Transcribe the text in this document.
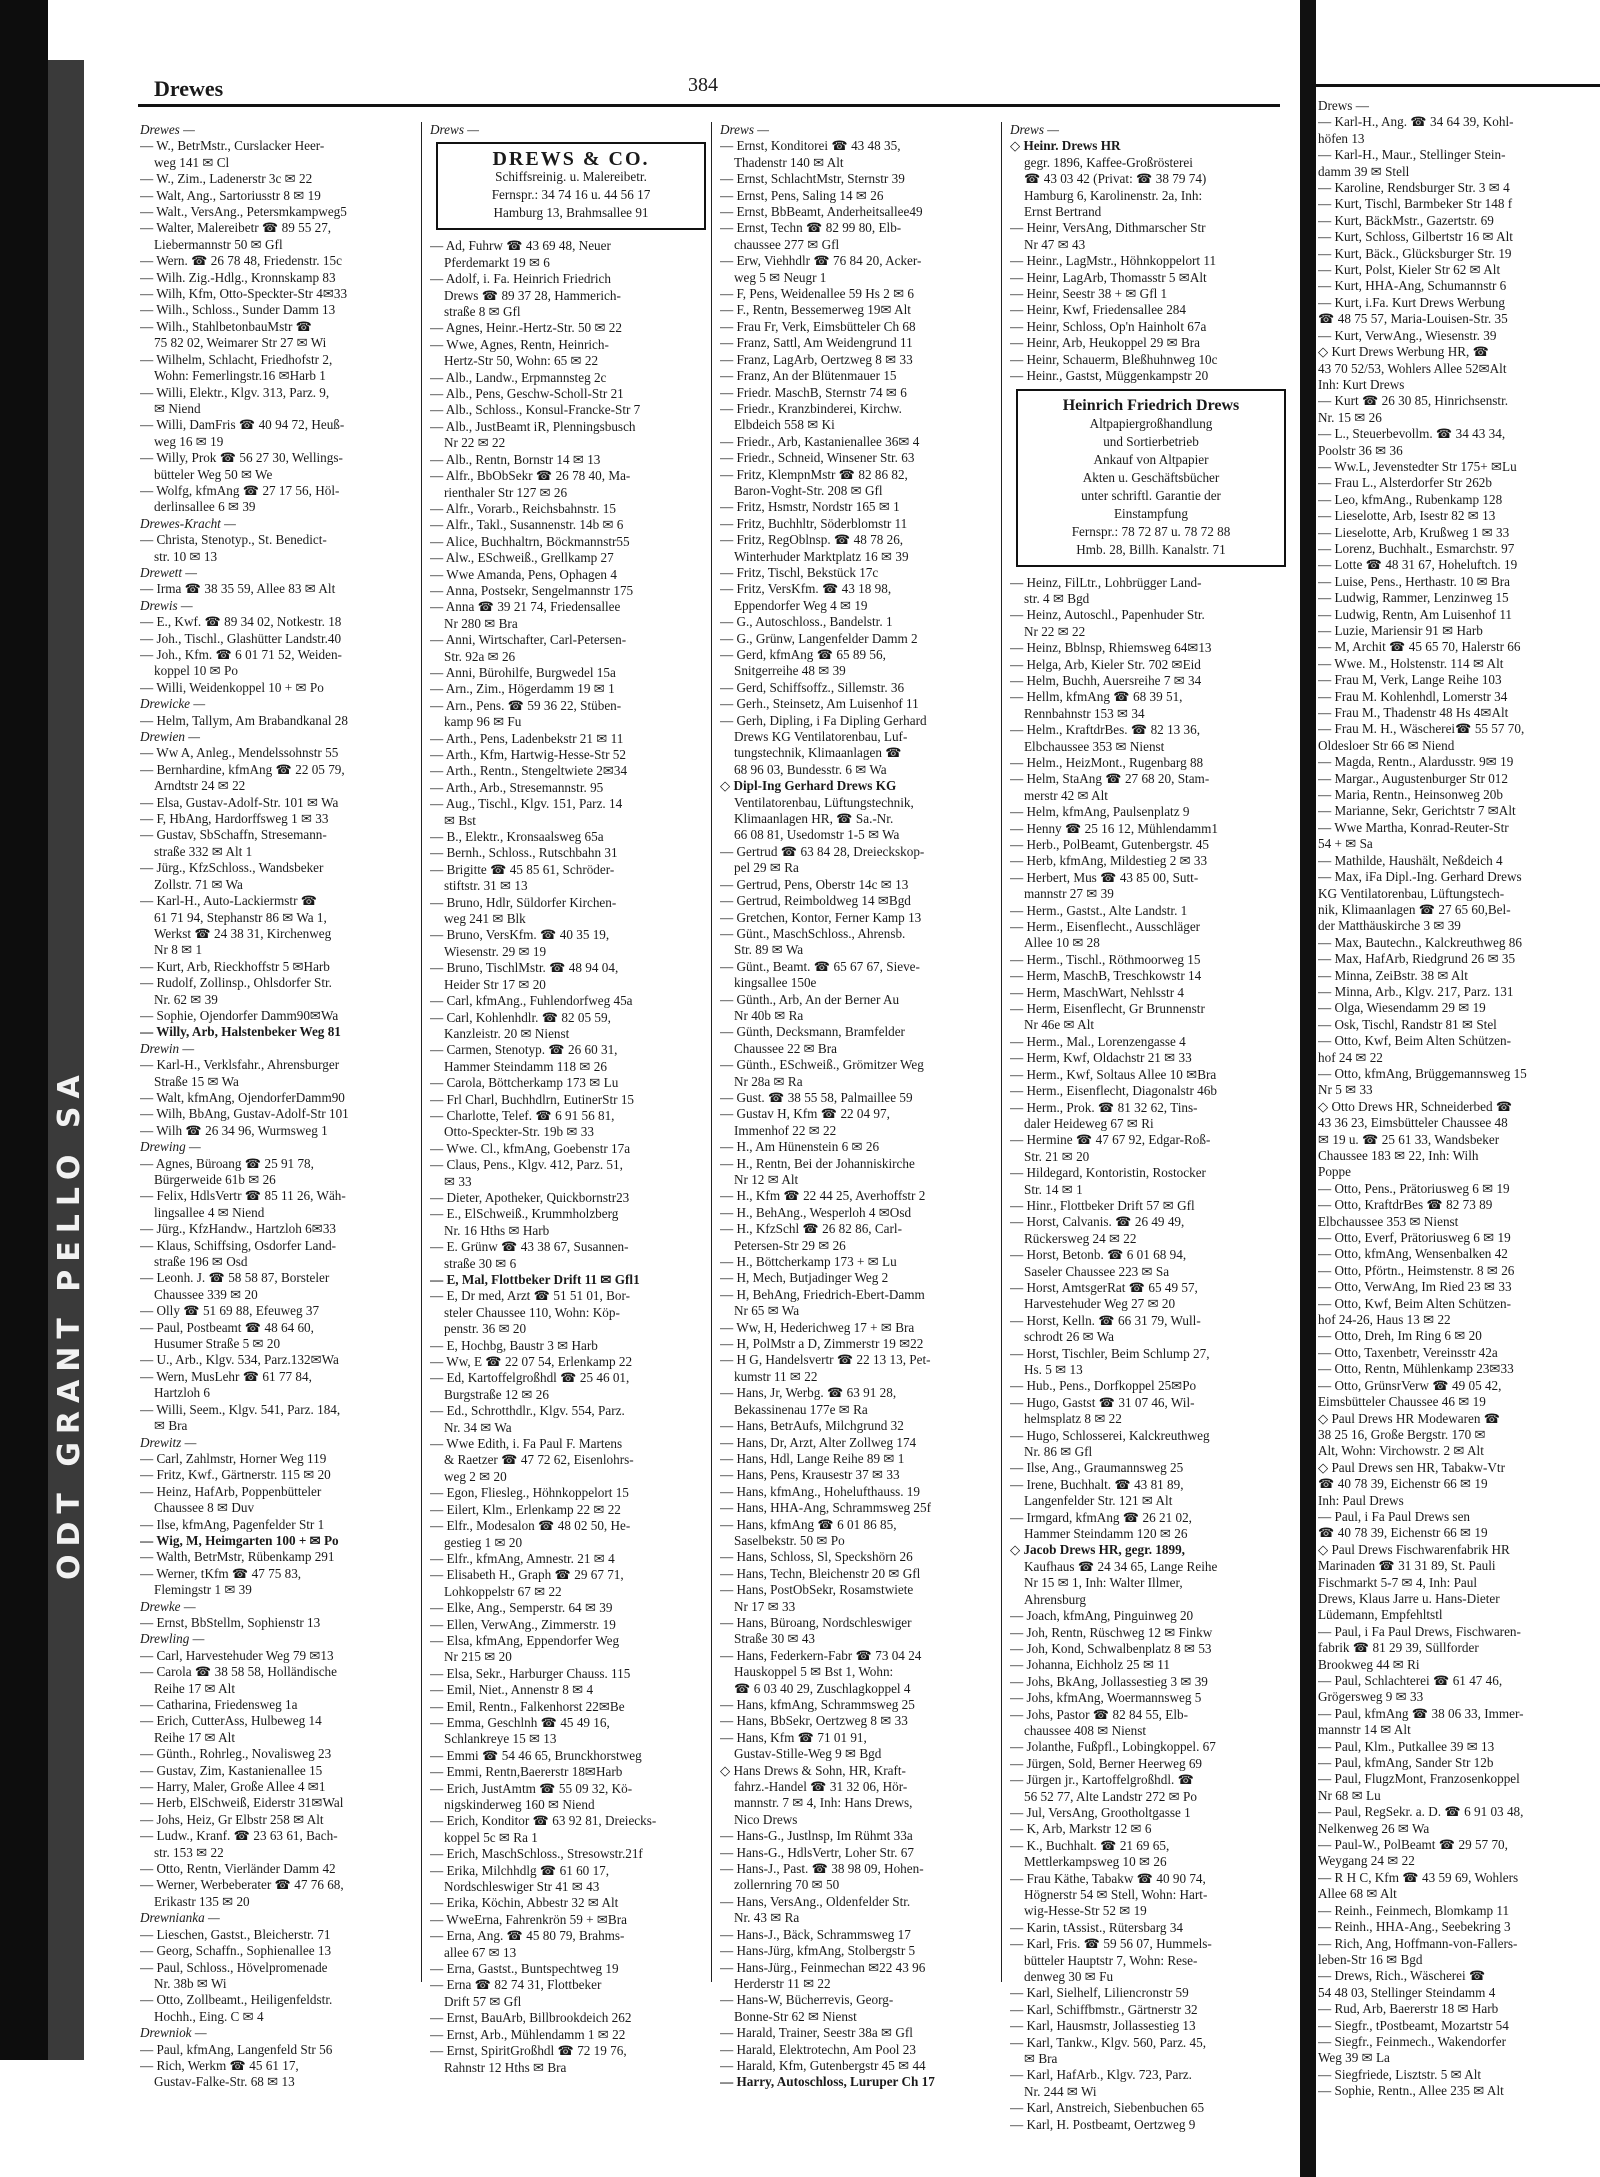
ODT GRANT PELLO SA
Drewes	384
Drewes —
— W., BetrMstr., Curslacker Heer-
weg 141 ✉ Cl
— W., Zim., Ladenerstr 3c ✉ 22
— Walt, Ang., Sartoriusstr 8 ✉ 19
— Walt., VersAng., Petersmkampweg5
— Walter, Malereibetr ☎ 89 55 27,
Liebermannstr 50 ✉ Gfl
— Wern. ☎ 26 78 48, Friedenstr. 15c
— Wilh. Zig.-Hdlg., Kronnskamp 83
— Wilh, Kfm, Otto-Speckter-Str 4✉33
— Wilh., Schloss., Sunder Damm 13
— Wilh., StahlbetonbauMstr ☎
75 82 02, Weimarer Str 27 ✉ Wi
— Wilhelm, Schlacht, Friedhofstr 2,
Wohn: Femerlingstr.16 ✉Harb 1
— Willi, Elektr., Klgv. 313, Parz. 9,
✉ Niend
— Willi, DamFris ☎ 40 94 72, Heuß-
weg 16 ✉ 19
— Willy, Prok ☎ 56 27 30, Wellings-
bütteler Weg 50 ✉ We
— Wolfg, kfmAng ☎ 27 17 56, Höl-
derlinsallee 6 ✉ 39
Drewes-Kracht —
— Christa, Stenotyp., St. Benedict-
str. 10 ✉ 13
Drewett —
— Irma ☎ 38 35 59, Allee 83 ✉ Alt
Drewis —
— E., Kwf. ☎ 89 34 02, Notkestr. 18
— Joh., Tischl., Glashütter Landstr.40
— Joh., Kfm. ☎ 6 01 71 52, Weiden-
koppel 10 ✉ Po
— Willi, Weidenkoppel 10 + ✉ Po
Drewicke —
— Helm, Tallym, Am Brabandkanal 28
Drewien —
— Ww A, Anleg., Mendelssohnstr 55
— Bernhardine, kfmAng ☎ 22 05 79,
Arndtstr 24 ✉ 22
— Elsa, Gustav-Adolf-Str. 101 ✉ Wa
— F, HbAng, Hardorffsweg 1 ✉ 33
— Gustav, SbSchaffn, Stresemann-
straße 332 ✉ Alt 1
— Jürg., KfzSchloss., Wandsbeker
Zollstr. 71 ✉ Wa
— Karl-H., Auto-Lackiermstr ☎
61 71 94, Stephanstr 86 ✉ Wa 1,
Werkst ☎ 24 38 31, Kirchenweg
Nr 8 ✉ 1
— Kurt, Arb, Rieckhoffstr 5 ✉Harb
— Rudolf, Zollinsp., Ohlsdorfer Str.
Nr. 62 ✉ 39
— Sophie, Ojendorfer Damm90✉Wa
— Willy, Arb, Halstenbeker Weg 81
Drewin —
— Karl-H., Verklsfahr., Ahrensburger
Straße 15 ✉ Wa
— Walt, kfmAng, OjendorferDamm90
— Wilh, BbAng, Gustav-Adolf-Str 101
— Wilh ☎ 26 34 96, Wurmsweg 1
Drewing —
— Agnes, Büroang ☎ 25 91 78,
Bürgerweide 61b ✉ 26
— Felix, HdlsVertr ☎ 85 11 26, Wäh-
lingsallee 4 ✉ Niend
— Jürg., KfzHandw., Hartzloh 6✉33
— Klaus, Schiffsing, Osdorfer Land-
straße 196 ✉ Osd
— Leonh. J. ☎ 58 58 87, Borsteler
Chaussee 339 ✉ 20
— Olly ☎ 51 69 88, Efeuweg 37
— Paul, Postbeamt ☎ 48 64 60,
Husumer Straße 5 ✉ 20
— U., Arb., Klgv. 534, Parz.132✉Wa
— Wern, MusLehr ☎ 61 77 84,
Hartzloh 6
— Willi, Seem., Klgv. 541, Parz. 184,
✉ Bra
Drewitz —
— Carl, Zahlmstr, Horner Weg 119
— Fritz, Kwf., Gärtnerstr. 115 ✉ 20
— Heinz, HafArb, Poppenbütteler
Chaussee 8 ✉ Duv
— Ilse, kfmAng, Pagenfelder Str 1
— Wig, M, Heimgarten 100 + ✉ Po
— Walth, BetrMstr, Rübenkamp 291
— Werner, tKfm ☎ 47 75 83,
Flemingstr 1 ✉ 39
Drewke —
— Ernst, BbStellm, Sophienstr 13
Drewling —
— Carl, Harvestehuder Weg 79 ✉13
— Carola ☎ 38 58 58, Holländische
Reihe 17 ✉ Alt
— Catharina, Friedensweg 1a
— Erich, CutterAss, Hulbeweg 14
Reihe 17 ✉ Alt
— Günth., Rohrleg., Novalisweg 23
— Gustav, Zim, Kastanienallee 15
— Harry, Maler, Große Allee 4 ✉1
— Herb, ElSchweiß, Eiderstr 31✉Wal
— Johs, Heiz, Gr Elbstr 258 ✉ Alt
— Ludw., Kranf. ☎ 23 63 61, Bach-
str. 153 ✉ 22
— Otto, Rentn, Vierländer Damm 42
— Werner, Werbeberater ☎ 47 76 68,
Erikastr 135 ✉ 20
Drewnianka —
— Lieschen, Gastst., Bleicherstr. 71
— Georg, Schaffn., Sophienallee 13
— Paul, Schloss., Hövelpromenade
Nr. 38b ✉ Wi
— Otto, Zollbeamt., Heiligenfeldstr.
Hochh., Eing. C ✉ 4
Drewniok —
— Paul, kfmAng, Langenfeld Str 56
— Rich, Werkm ☎ 45 61 17,
Gustav-Falke-Str. 68 ✉ 13
Drews —
DREWS & CO.
Schiffsreinig. u. Malereibetr.
Fernspr.: 34 74 16 u. 44 56 17
Hamburg 13, Brahmsallee 91
— Ad, Fuhrw ☎ 43 69 48, Neuer
Pferdemarkt 19 ✉ 6
— Adolf, i. Fa. Heinrich Friedrich
Drews ☎ 89 37 28, Hammerich-
straße 8 ✉ Gfl
— Agnes, Heinr.-Hertz-Str. 50 ✉ 22
— Wwe, Agnes, Rentn, Heinrich-
Hertz-Str 50, Wohn: 65 ✉ 22
— Alb., Landw., Erpmannsteg 2c
— Alb., Pens, Geschw-Scholl-Str 21
— Alb., Schloss., Konsul-Francke-Str 7
— Alb., JustBeamt iR, Plenningsbusch
Nr 22 ✉ 22
— Alb., Rentn, Bornstr 14 ✉ 13
— Alfr., BbObSekr ☎ 26 78 40, Ma-
rienthaler Str 127 ✉ 26
— Alfr., Vorarb., Reichsbahnstr. 15
— Alfr., Takl., Susannenstr. 14b ✉ 6
— Alice, Buchhaltrn, Böckmannstr55
— Alw., ESchweiß., Grellkamp 27
— Wwe Amanda, Pens, Ophagen 4
— Anna, Postsekr, Sengelmannstr 175
— Anna ☎ 39 21 74, Friedensallee
Nr 280 ✉ Bra
— Anni, Wirtschafter, Carl-Petersen-
Str. 92a ✉ 26
— Anni, Bürohilfe, Burgwedel 15a
— Arn., Zim., Högerdamm 19 ✉ 1
— Arn., Pens. ☎ 59 36 22, Stüben-
kamp 96 ✉ Fu
— Arth., Pens, Ladenbekstr 21 ✉ 11
— Arth., Kfm, Hartwig-Hesse-Str 52
— Arth., Rentn., Stengeltwiete 2✉34
— Arth., Arb., Stresemannstr. 95
— Aug., Tischl., Klgv. 151, Parz. 14
✉ Bst
— B., Elektr., Kronsaalsweg 65a
— Bernh., Schloss., Rutschbahn 31
— Brigitte ☎ 45 85 61, Schröder-
stiftstr. 31 ✉ 13
— Bruno, Hdlr, Süldorfer Kirchen-
weg 241 ✉ Blk
— Bruno, VersKfm. ☎ 40 35 19,
Wiesenstr. 29 ✉ 19
— Bruno, TischlMstr. ☎ 48 94 04,
Heider Str 17 ✉ 20
— Carl, kfmAng., Fuhlendorfweg 45a
— Carl, Kohlenhdlr. ☎ 82 05 59,
Kanzleistr. 20 ✉ Nienst
— Carmen, Stenotyp. ☎ 26 60 31,
Hammer Steindamm 118 ✉ 26
— Carola, Böttcherkamp 173 ✉ Lu
— Frl Charl, Buchhdlrn, EutinerStr 15
— Charlotte, Telef. ☎ 6 91 56 81,
Otto-Speckter-Str. 19b ✉ 33
— Wwe. Cl., kfmAng, Goebenstr 17a
— Claus, Pens., Klgv. 412, Parz. 51,
✉ 33
— Dieter, Apotheker, Quickbornstr23
— E., ElSchweiß., Krummholzberg
Nr. 16 Hths ✉ Harb
— E. Grünw ☎ 43 38 67, Susannen-
straße 30 ✉ 6
— E, Mal, Flottbeker Drift 11 ✉ Gfl1
— E, Dr med, Arzt ☎ 51 51 01, Bor-
steler Chaussee 110, Wohn: Köp-
penstr. 36 ✉ 20
— E, Hochbg, Baustr 3 ✉ Harb
— Ww, E ☎ 22 07 54, Erlenkamp 22
— Ed, Kartoffelgroßhdl ☎ 25 46 01,
Burgstraße 12 ✉ 26
— Ed., Schrotthdlr., Klgv. 554, Parz.
Nr. 34 ✉ Wa
— Wwe Edith, i. Fa Paul F. Martens
& Raetzer ☎ 47 72 62, Eisenlohrs-
weg 2 ✉ 20
— Egon, Fliesleg., Höhnkoppelort 15
— Eilert, Klm., Erlenkamp 22 ✉ 22
— Elfr., Modesalon ☎ 48 02 50, He-
gestieg 1 ✉ 20
— Elfr., kfmAng, Amnestr. 21 ✉ 4
— Elisabeth H., Graph ☎ 29 67 71,
Lohkoppelstr 67 ✉ 22
— Elke, Ang., Semperstr. 64 ✉ 39
— Ellen, VerwAng., Zimmerstr. 19
— Elsa, kfmAng, Eppendorfer Weg
Nr 215 ✉ 20
— Elsa, Sekr., Harburger Chauss. 115
— Emil, Niet., Annenstr 8 ✉ 4
— Emil, Rentn., Falkenhorst 22✉Be
— Emma, Geschlnh ☎ 45 49 16,
Schlankreye 15 ✉ 13
— Emmi ☎ 54 46 65, Brunckhorstweg
— Emmi, Rentn,Baererstr 18✉Harb
— Erich, JustAmtm ☎ 55 09 32, Kö-
nigskinderweg 160 ✉ Niend
— Erich, Konditor ☎ 63 92 81, Dreiecks-
koppel 5c ✉ Ra 1
— Erich, MaschSchloss., Stresowstr.21f
— Erika, Milchhdlg ☎ 61 60 17,
Nordschleswiger Str 41 ✉ 43
— Erika, Köchin, Abbestr 32 ✉ Alt
— WweErna, Fahrenkrön 59 + ✉Bra
— Erna, Ang. ☎ 45 80 79, Brahms-
allee 67 ✉ 13
— Erna, Gastst., Buntspechtweg 19
— Erna ☎ 82 74 31, Flottbeker
Drift 57 ✉ Gfl
— Ernst, BauArb, Billbrookdeich 262
— Ernst, Arb., Mühlendamm 1 ✉ 22
— Ernst, SpiritGroßhdl ☎ 72 19 76,
Rahnstr 12 Hths ✉ Bra
Drews —
— Ernst, Konditorei ☎ 43 48 35,
Thadenstr 140 ✉ Alt
— Ernst, SchlachtMstr, Sternstr 39
— Ernst, Pens, Saling 14 ✉ 26
— Ernst, BbBeamt, Anderheitsallee49
— Ernst, Techn ☎ 82 99 80, Elb-
chaussee 277 ✉ Gfl
— Erw, Viehhdlr ☎ 76 84 20, Acker-
weg 5 ✉ Neugr 1
— F, Pens, Weidenallee 59 Hs 2 ✉ 6
— F., Rentn, Bessemerweg 19✉ Alt
— Frau Fr, Verk, Eimsbütteler Ch 68
— Franz, Sattl, Am Weidengrund 11
— Franz, LagArb, Oertzweg 8 ✉ 33
— Franz, An der Blütenmauer 15
— Friedr. MaschB, Sternstr 74 ✉ 6
— Friedr., Kranzbinderei, Kirchw.
Elbdeich 558 ✉ Ki
— Friedr., Arb, Kastanienallee 36✉ 4
— Friedr., Schneid, Winsener Str. 63
— Fritz, KlempnMstr ☎ 82 86 82,
Baron-Voght-Str. 208 ✉ Gfl
— Fritz, Hsmstr, Nordstr 165 ✉ 1
— Fritz, Buchhltr, Söderblomstr 11
— Fritz, RegOblnsp. ☎ 48 78 26,
Winterhuder Marktplatz 16 ✉ 39
— Fritz, Tischl, Bekstück 17c
— Fritz, VersKfm. ☎ 43 18 98,
Eppendorfer Weg 4 ✉ 19
— G., Autoschloss., Bandelstr. 1
— G., Grünw, Langenfelder Damm 2
— Gerd, kfmAng ☎ 65 89 56,
Snitgerreihe 48 ✉ 39
— Gerd, Schiffsoffz., Sillemstr. 36
— Gerh., Steinsetz, Am Luisenhof 11
— Gerh, Dipling, i Fa Dipling Gerhard
Drews KG Ventilatorenbau, Luf-
tungstechnik, Klimaanlagen ☎
68 96 03, Bundesstr. 6 ✉ Wa
◇ Dipl-Ing Gerhard Drews KG
Ventilatorenbau, Lüftungstechnik,
Klimaanlagen HR, ☎ Sa.-Nr.
66 08 81, Usedomstr 1-5 ✉ Wa
— Gertrud ☎ 63 84 28, Dreieckskop-
pel 29 ✉ Ra
— Gertrud, Pens, Oberstr 14c ✉ 13
— Gertrud, Reimboldweg 14 ✉Bgd
— Gretchen, Kontor, Ferner Kamp 13
— Günt., MaschSchloss., Ahrensb.
Str. 89 ✉ Wa
— Günt., Beamt. ☎ 65 67 67, Sieve-
kingsallee 150e
— Günth., Arb, An der Berner Au
Nr 40b ✉ Ra
— Günth, Decksmann, Bramfelder
Chaussee 22 ✉ Bra
— Günth., ESchweiß., Grömitzer Weg
Nr 28a ✉ Ra
— Gust. ☎ 38 55 58, Palmaillee 59
— Gustav H, Kfm ☎ 22 04 97,
Immenhof 22 ✉ 22
— H., Am Hünenstein 6 ✉ 26
— H., Rentn, Bei der Johanniskirche
Nr 12 ✉ Alt
— H., Kfm ☎ 22 44 25, Averhoffstr 2
— H., BehAng., Wesperloh 4 ✉Osd
— H., KfzSchl ☎ 26 82 86, Carl-
Petersen-Str 29 ✉ 26
— H., Böttcherkamp 173 + ✉ Lu
— H, Mech, Butjadinger Weg 2
— H, BehAng, Friedrich-Ebert-Damm
Nr 65 ✉ Wa
— Ww, H, Hederichweg 17 + ✉ Bra
— H, PolMstr a D, Zimmerstr 19 ✉22
— H G, Handelsvertr ☎ 22 13 13, Pet-
kumstr 11 ✉ 22
— Hans, Jr, Werbg. ☎ 63 91 28,
Bekassinenau 177e ✉ Ra
— Hans, BetrAufs, Milchgrund 32
— Hans, Dr, Arzt, Alter Zollweg 174
— Hans, Hdl, Lange Reihe 89 ✉ 1
— Hans, Pens, Krausestr 37 ✉ 33
— Hans, kfmAng., Hohelufthauss. 19
— Hans, HHA-Ang, Schrammsweg 25f
— Hans, kfmAng ☎ 6 01 86 85,
Saselbekstr. 50 ✉ Po
— Hans, Schloss, Sl, Speckshörn 26
— Hans, Techn, Bleichenstr 20 ✉ Gfl
— Hans, PostObSekr, Rosamstwiete
Nr 17 ✉ 33
— Hans, Büroang, Nordschleswiger
Straße 30 ✉ 43
— Hans, Federkern-Fabr ☎ 73 04 24
Hauskoppel 5 ✉ Bst 1, Wohn:
☎ 6 03 40 29, Zuschlagkoppel 4
— Hans, kfmAng, Schrammsweg 25
— Hans, BbSekr, Oertzweg 8 ✉ 33
— Hans, Kfm ☎ 71 01 91,
Gustav-Stille-Weg 9 ✉ Bgd
◇ Hans Drews & Sohn, HR, Kraft-
fahrz.-Handel ☎ 31 32 06, Hör-
mannstr. 7 ✉ 4, Inh: Hans Drews,
Nico Drews
— Hans-G., Justlnsp, Im Rühmt 33a
— Hans-G., HdlsVertr, Loher Str. 67
— Hans-J., Past. ☎ 38 98 09, Hohen-
zollernring 70 ✉ 50
— Hans, VersAng., Oldenfelder Str.
Nr. 43 ✉ Ra
— Hans-J., Bäck, Schrammsweg 17
— Hans-Jürg, kfmAng, Stolbergstr 5
— Hans-Jürg., Feinmechan ✉22 43 96
Herderstr 11 ✉ 22
— Hans-W, Bücherrevis, Georg-
Bonne-Str 62 ✉ Nienst
— Harald, Trainer, Seestr 38a ✉ Gfl
— Harald, Elektrotechn, Am Pool 23
— Harald, Kfm, Gutenbergstr 45 ✉ 44
— Harry, Autoschloss, Luruper Ch 17
Drews —
◇ Heinr. Drews HR
gegr. 1896, Kaffee-Großrösterei
☎ 43 03 42 (Privat: ☎ 38 79 74)
Hamburg 6, Karolinenstr. 2a, Inh:
Ernst Bertrand
— Heinr, VersAng, Dithmarscher Str
Nr 47 ✉ 43
— Heinr., LagMstr., Höhnkoppelort 11
— Heinr, LagArb, Thomasstr 5 ✉Alt
— Heinr, Seestr 38 + ✉ Gfl 1
— Heinr, Kwf, Friedensallee 284
— Heinr, Schloss, Op'n Hainholt 67a
— Heinr, Arb, Heukoppel 29 ✉ Bra
— Heinr, Schauerm, Bleßhuhnweg 10c
— Heinr., Gastst, Müggenkampstr 20
Heinrich Friedrich Drews
Altpapiergroßhandlung
und Sortierbetrieb
Ankauf von Altpapier
Akten u. Geschäftsbücher
unter schriftl. Garantie der
Einstampfung
Fernspr.: 78 72 87 u. 78 72 88
Hmb. 28, Billh. Kanalstr. 71
— Heinz, FilLtr., Lohbrügger Land-
str. 4 ✉ Bgd
— Heinz, Autoschl., Papenhuder Str.
Nr 22 ✉ 22
— Heinz, Bblnsp, Rhiemsweg 64✉13
— Helga, Arb, Kieler Str. 702 ✉Eid
— Helm, Buchh, Auersreihe 7 ✉ 34
— Hellm, kfmAng ☎ 68 39 51,
Rennbahnstr 153 ✉ 34
— Helm., KraftdrBes. ☎ 82 13 36,
Elbchaussee 353 ✉ Nienst
— Helm., HeizMont., Rugenbarg 88
— Helm, StaAng ☎ 27 68 20, Stam-
merstr 42 ✉ Alt
— Helm, kfmAng, Paulsenplatz 9
— Henny ☎ 25 16 12, Mühlendamm1
— Herb., PolBeamt, Gutenbergstr. 45
— Herb, kfmAng, Mildestieg 2 ✉ 33
— Herbert, Mus ☎ 43 85 00, Sutt-
mannstr 27 ✉ 39
— Herm., Gastst., Alte Landstr. 1
— Herm., Eisenflecht., Ausschläger
Allee 10 ✉ 28
— Herm., Tischl., Röthmoorweg 15
— Herm, MaschB, Treschkowstr 14
— Herm, MaschWart, Nehlsstr 4
— Herm, Eisenflecht, Gr Brunnenstr
Nr 46e ✉ Alt
— Herm., Mal., Lorenzengasse 4
— Herm, Kwf, Oldachstr 21 ✉ 33
— Herm., Kwf, Soltaus Allee 10 ✉Bra
— Herm., Eisenflecht, Diagonalstr 46b
— Herm., Prok. ☎ 81 32 62, Tins-
daler Heideweg 67 ✉ Ri
— Hermine ☎ 47 67 92, Edgar-Roß-
Str. 21 ✉ 20
— Hildegard, Kontoristin, Rostocker
Str. 14 ✉ 1
— Hinr., Flottbeker Drift 57 ✉ Gfl
— Horst, Calvanis. ☎ 26 49 49,
Rückersweg 24 ✉ 22
— Horst, Betonb. ☎ 6 01 68 94,
Saseler Chaussee 223 ✉ Sa
— Horst, AmtsgerRat ☎ 65 49 57,
Harvestehuder Weg 27 ✉ 20
— Horst, Kelln. ☎ 66 31 79, Wull-
schrodt 26 ✉ Wa
— Horst, Tischler, Beim Schlump 27,
Hs. 5 ✉ 13
— Hub., Pens., Dorfkoppel 25✉Po
— Hugo, Gastst ☎ 31 07 46, Wil-
helmsplatz 8 ✉ 22
— Hugo, Schlosserei, Kalckreuthweg
Nr. 86 ✉ Gfl
— Ilse, Ang., Graumannsweg 25
— Irene, Buchhalt. ☎ 43 81 89,
Langenfelder Str. 121 ✉ Alt
— Irmgard, kfmAng ☎ 26 21 02,
Hammer Steindamm 120 ✉ 26
◇ Jacob Drews HR, gegr. 1899,
Kaufhaus ☎ 24 34 65, Lange Reihe
Nr 15 ✉ 1, Inh: Walter Illmer,
Ahrensburg
— Joach, kfmAng, Pinguinweg 20
— Joh, Rentn, Rüschweg 12 ✉ Finkw
— Joh, Kond, Schwalbenplatz 8 ✉ 53
— Johanna, Eichholz 25 ✉ 11
— Johs, BkAng, Jollassestieg 3 ✉ 39
— Johs, kfmAng, Woermannsweg 5
— Johs, Pastor ☎ 82 84 55, Elb-
chaussee 408 ✉ Nienst
— Jolanthe, Fußpfl., Lobingkoppel. 67
— Jürgen, Sold, Berner Heerweg 69
— Jürgen jr., Kartoffelgroßhdl. ☎
56 52 77, Alte Landstr 272 ✉ Po
— Jul, VersAng, Grootholtgasse 1
— K, Arb, Markstr 12 ✉ 6
— K., Buchhalt. ☎ 21 69 65,
Mettlerkampsweg 10 ✉ 26
— Frau Käthe, Tabakw ☎ 40 90 74,
Högnerstr 54 ✉ Stell, Wohn: Hart-
wig-Hesse-Str 52 ✉ 19
— Karin, tAssist., Rütersbarg 34
— Karl, Fris. ☎ 59 56 07, Hummels-
bütteler Hauptstr 7, Wohn: Rese-
denweg 30 ✉ Fu
— Karl, Sielhelf, Liliencronstr 59
— Karl, Schiffbmstr., Gärtnerstr 32
— Karl, Hausmstr, Jollassestieg 13
— Karl, Tankw., Klgv. 560, Parz. 45,
✉ Bra
— Karl, HafArb., Klgv. 723, Parz.
Nr. 244 ✉ Wi
— Karl, Anstreich, Siebenbuchen 65
— Karl, H. Postbeamt, Oertzweg 9
Drews —
— Karl-H., Ang. ☎ 34 64 39, Kohl-
höfen 13
— Karl-H., Maur., Stellinger Stein-
damm 39 ✉ Stell
— Karoline, Rendsburger Str. 3 ✉ 4
— Kurt, Tischl, Barmbeker Str 148 f
— Kurt, BäckMstr., Gazertstr. 69
— Kurt, Schloss, Gilbertstr 16 ✉ Alt
— Kurt, Bäck., Glücksburger Str. 19
— Kurt, Polst, Kieler Str 62 ✉ Alt
— Kurt, HHA-Ang, Schumannstr 6
— Kurt, i.Fa. Kurt Drews Werbung
☎ 48 75 57, Maria-Louisen-Str. 35
— Kurt, VerwAng., Wiesenstr. 39
◇ Kurt Drews Werbung HR, ☎
43 70 52/53, Wohlers Allee 52✉Alt
Inh: Kurt Drews
— Kurt ☎ 26 30 85, Hinrichsenstr.
Nr. 15 ✉ 26
— L., Steuerbevollm. ☎ 34 43 34,
Poolstr 36 ✉ 36
— Ww.L, Jevenstedter Str 175+ ✉Lu
— Frau L., Alsterdorfer Str 262b
— Leo, kfmAng., Rubenkamp 128
— Lieselotte, Arb, Isestr 82 ✉ 13
— Lieselotte, Arb, Krußweg 1 ✉ 33
— Lorenz, Buchhalt., Esmarchstr. 97
— Lotte ☎ 48 31 67, Hoheluftch. 19
— Luise, Pens., Herthastr. 10 ✉ Bra
— Ludwig, Rammer, Lenzinweg 15
— Ludwig, Rentn, Am Luisenhof 11
— Luzie, Mariensir 91 ✉ Harb
— M, Archit ☎ 45 65 70, Halerstr 66
— Wwe. M., Holstenstr. 114 ✉ Alt
— Frau M, Verk, Lange Reihe 103
— Frau M. Kohlenhdl, Lomerstr 34
— Frau M., Thadenstr 48 Hs 4✉Alt
— Frau M. H., Wäscherei☎ 55 57 70,
Oldesloer Str 66 ✉ Niend
— Magda, Rentn., Alardusstr. 9✉ 19
— Margar., Augustenburger Str 012
— Maria, Rentn., Heinsonweg 20b
— Marianne, Sekr, Gerichtstr 7 ✉Alt
— Wwe Martha, Konrad-Reuter-Str
54 + ✉ Sa
— Mathilde, Haushält, Neßdeich 4
— Max, iFa Dipl.-Ing. Gerhard Drews
KG Ventilatorenbau, Lüftungstech-
nik, Klimaanlagen ☎ 27 65 60,Bel-
der Matthäuskirche 3 ✉ 39
— Max, Bautechn., Kalckreuthweg 86
— Max, HafArb, Riedgrund 26 ✉ 35
— Minna, ZeiBstr. 38 ✉ Alt
— Minna, Arb., Klgv. 217, Parz. 131
— Olga, Wiesendamm 29 ✉ 19
— Osk, Tischl, Randstr 81 ✉ Stel
— Otto, Kwf, Beim Alten Schützen-
hof 24 ✉ 22
— Otto, kfmAng, Brüggemannsweg 15
Nr 5 ✉ 33
◇ Otto Drews HR, Schneiderbed ☎
43 36 23, Eimsbütteler Chaussee 48
✉ 19 u. ☎ 25 61 33, Wandsbeker
Chaussee 183 ✉ 22, Inh: Wilh
Poppe
— Otto, Pens., Prätoriusweg 6 ✉ 19
— Otto, KraftdrBes ☎ 82 73 89
Elbchaussee 353 ✉ Nienst
— Otto, Everf, Prätoriusweg 6 ✉ 19
— Otto, kfmAng, Wensenbalken 42
— Otto, Pförtn., Heimstenstr. 8 ✉ 26
— Otto, VerwAng, Im Ried 23 ✉ 33
— Otto, Kwf, Beim Alten Schützen-
hof 24-26, Haus 13 ✉ 22
— Otto, Dreh, Im Ring 6 ✉ 20
— Otto, Taxenbetr, Vereinsstr 42a
— Otto, Rentn, Mühlenkamp 23✉33
— Otto, GrünsrVerw ☎ 49 05 42,
Eimsbütteler Chaussee 46 ✉ 19
◇ Paul Drews HR Modewaren ☎
38 25 16, Große Bergstr. 170 ✉
Alt, Wohn: Virchowstr. 2 ✉ Alt
◇ Paul Drews sen HR, Tabakw-Vtr
☎ 40 78 39, Eichenstr 66 ✉ 19
Inh: Paul Drews
— Paul, i Fa Paul Drews sen
☎ 40 78 39, Eichenstr 66 ✉ 19
◇ Paul Drews Fischwarenfabrik HR
Marinaden ☎ 31 31 89, St. Pauli
Fischmarkt 5-7 ✉ 4, Inh: Paul
Drews, Klaus Jarre u. Hans-Dieter
Lüdemann, Empfehltstl
— Paul, i Fa Paul Drews, Fischwaren-
fabrik ☎ 81 29 39, Süllforder
Brookweg 44 ✉ Ri
— Paul, Schlachterei ☎ 61 47 46,
Grögersweg 9 ✉ 33
— Paul, kfmAng ☎ 38 06 33, Immer-
mannstr 14 ✉ Alt
— Paul, Klm., Putkallee 39 ✉ 13
— Paul, kfmAng, Sander Str 12b
— Paul, FlugzMont, Franzosenkoppel
Nr 68 ✉ Lu
— Paul, RegSekr. a. D. ☎ 6 91 03 48,
Nelkenweg 26 ✉ Wa
— Paul-W., PolBeamt ☎ 29 57 70,
Weygang 24 ✉ 22
— R H C, Kfm ☎ 43 59 69, Wohlers
Allee 68 ✉ Alt
— Reinh., Feinmech, Blomkamp 11
— Reinh., HHA-Ang., Seebekring 3
— Rich, Ang, Hoffmann-von-Fallers-
leben-Str 16 ✉ Bgd
— Drews, Rich., Wäscherei ☎
54 48 03, Stellinger Steindamm 4
— Rud, Arb, Baererstr 18 ✉ Harb
— Siegfr., tPostbeamt, Mozartstr 54
— Siegfr., Feinmech., Wakendorfer
Weg 39 ✉ La
— Siegfriede, Lisztstr. 5 ✉ Alt
— Sophie, Rentn., Allee 235 ✉ Alt
